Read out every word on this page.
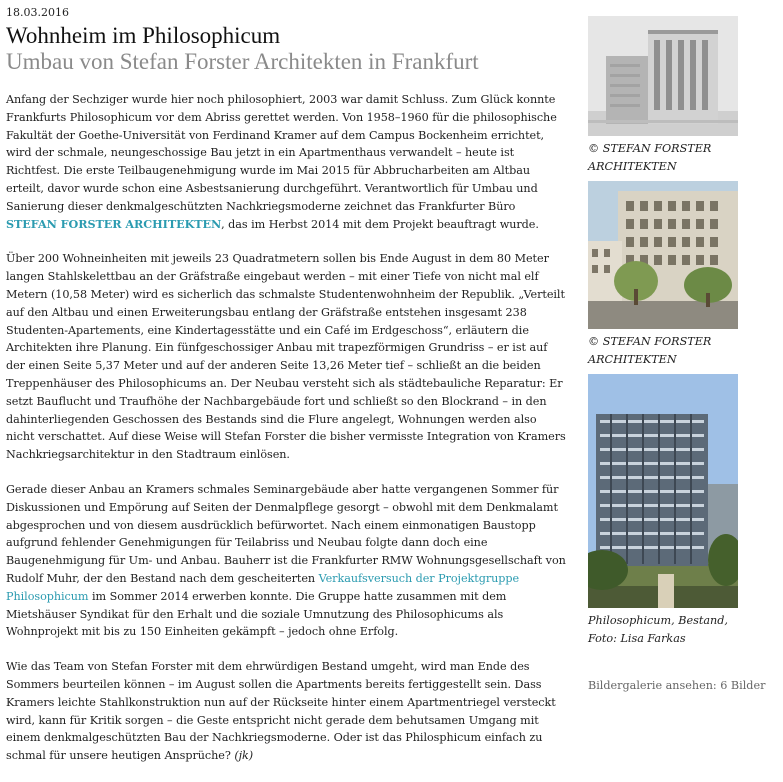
18.03.2016
Wohnheim im Philosophicum
Umbau von Stefan Forster Architekten in Frankfurt

Anfang der Sechziger wurde hier noch philosophiert, 2003 war damit Schluss. Zum Glück konnte Frankfurts Philosophicum vor dem Abriss gerettet werden. Von 1958–1960 für die philosophische Fakultät der Goethe-Universität von Ferdinand Kramer auf dem Campus Bockenheim errichtet, wird der schmale, neungeschossige Bau jetzt in ein Apartmenthaus verwandelt – heute ist Richtfest. Die erste Teilbaugenehmigung wurde im Mai 2015 für Abbrucharbeiten am Altbau erteilt, davor wurde schon eine Asbestsanierung durchgeführt. Verantwortlich für Umbau und Sanierung dieser denkmalgeschützten Nachkriegsmoderne zeichnet das Frankfurter Büro STEFAN FORSTER ARCHITEKTEN, das im Herbst 2014 mit dem Projekt beauftragt wurde.

Über 200 Wohneinheiten mit jeweils 23 Quadratmetern sollen bis Ende August in dem 80 Meter langen Stahlskelettbau an der Gräfstraße eingebaut werden – mit einer Tiefe von nicht mal elf Metern (10,58 Meter) wird es sicherlich das schmalste Studentenwohnheim der Republik. „Verteilt auf den Altbau und einen Erweiterungsbau entlang der Gräfstraße entstehen insgesamt 238 Studenten-Apartements, eine Kindertagesstätte und ein Café im Erdgeschoss“, erläutern die Architekten ihre Planung. Ein fünfgeschossiger Anbau mit trapezförmigen Grundriss – er ist auf der einen Seite 5,37 Meter und auf der anderen Seite 13,26 Meter tief – schließt an die beiden Treppenhäuser des Philosophicums an. Der Neubau versteht sich als städtebauliche Reparatur: Er setzt Bauflucht und Traufhöhe der Nachbargebäude fort und schließt so den Blockrand – in den dahinterliegenden Geschossen des Bestands sind die Flure angelegt, Wohnungen werden also nicht verschattet. Auf diese Weise will Stefan Forster die bisher vermisste Integration von Kramers Nachkriegsarchitektur in den Stadtraum einlösen.

Gerade dieser Anbau an Kramers schmales Seminargebäude aber hatte vergangenen Sommer für Diskussionen und Empörung auf Seiten der Denmalpflege gesorgt – obwohl mit dem Denkmalamt abgesprochen und von diesem ausdrücklich befürwortet. Nach einem einmonatigen Baustopp aufgrund fehlender Genehmigungen für Teilabriss und Neubau folgte dann doch eine Baugenehmigung für Um- und Anbau. Bauherr ist die Frankfurter RMW Wohnungsgesellschaft von Rudolf Muhr, der den Bestand nach dem gescheiterten Verkaufsversuch der Projektgruppe Philosophicum im Sommer 2014 erwerben konnte. Die Gruppe hatte zusammen mit dem Mietshäuser Syndikat für den Erhalt und die soziale Umnutzung des Philosophicums als Wohnprojekt mit bis zu 150 Einheiten gekämpft – jedoch ohne Erfolg.

Wie das Team von Stefan Forster mit dem ehrwürdigen Bestand umgeht, wird man Ende des Sommers beurteilen können – im August sollen die Apartments bereits fertiggestellt sein. Dass Kramers leichte Stahlkonstruktion nun auf der Rückseite hinter einem Apartmentriegel versteckt wird, kann für Kritik sorgen – die Geste entspricht nicht gerade dem behutsamen Umgang mit einem denkmalgeschützten Bau der Nachkriegsmoderne. Oder ist das Philosphicum einfach zu schmal für unsere heutigen Ansprüche? (jk)

© STEFAN FORSTER ARCHITEKTEN
© STEFAN FORSTER ARCHITEKTEN
Philosophicum, Bestand, Foto: Lisa Farkas
Bildergalerie ansehen: 6 Bilder
